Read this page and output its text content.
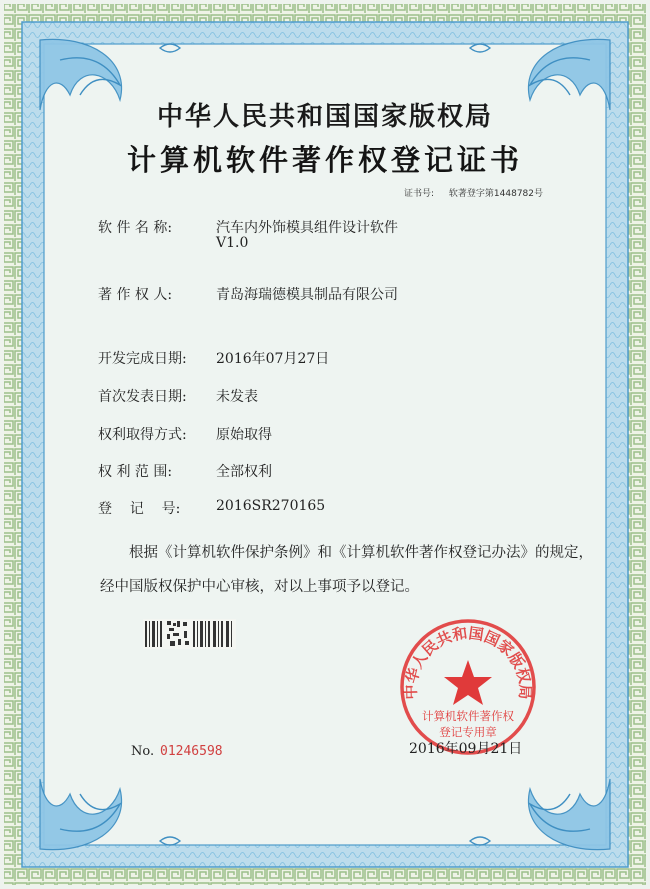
中华人民共和国国家版权局
计算机软件著作权登记证书
证书号: 软著登字第1448782号
软 件 名 称:	汽车内外饰模具组件设计软件
V1.0
著 作 权 人:	青岛海瑞德模具制品有限公司
开发完成日期: 2016年07月27日
首次发表日期: 未发表
权利取得方式: 原始取得
权 利 范 围:	全部权利
登    记    号:	2016SR270165
根据《计算机软件保护条例》和《计算机软件著作权登记办法》的规定，经中国版权保护中心审核，对以上事项予以登记。
中华人民共和国国家版权局
计算机软件著作权
登记专用章
No. 01246598	2016年09月21日
